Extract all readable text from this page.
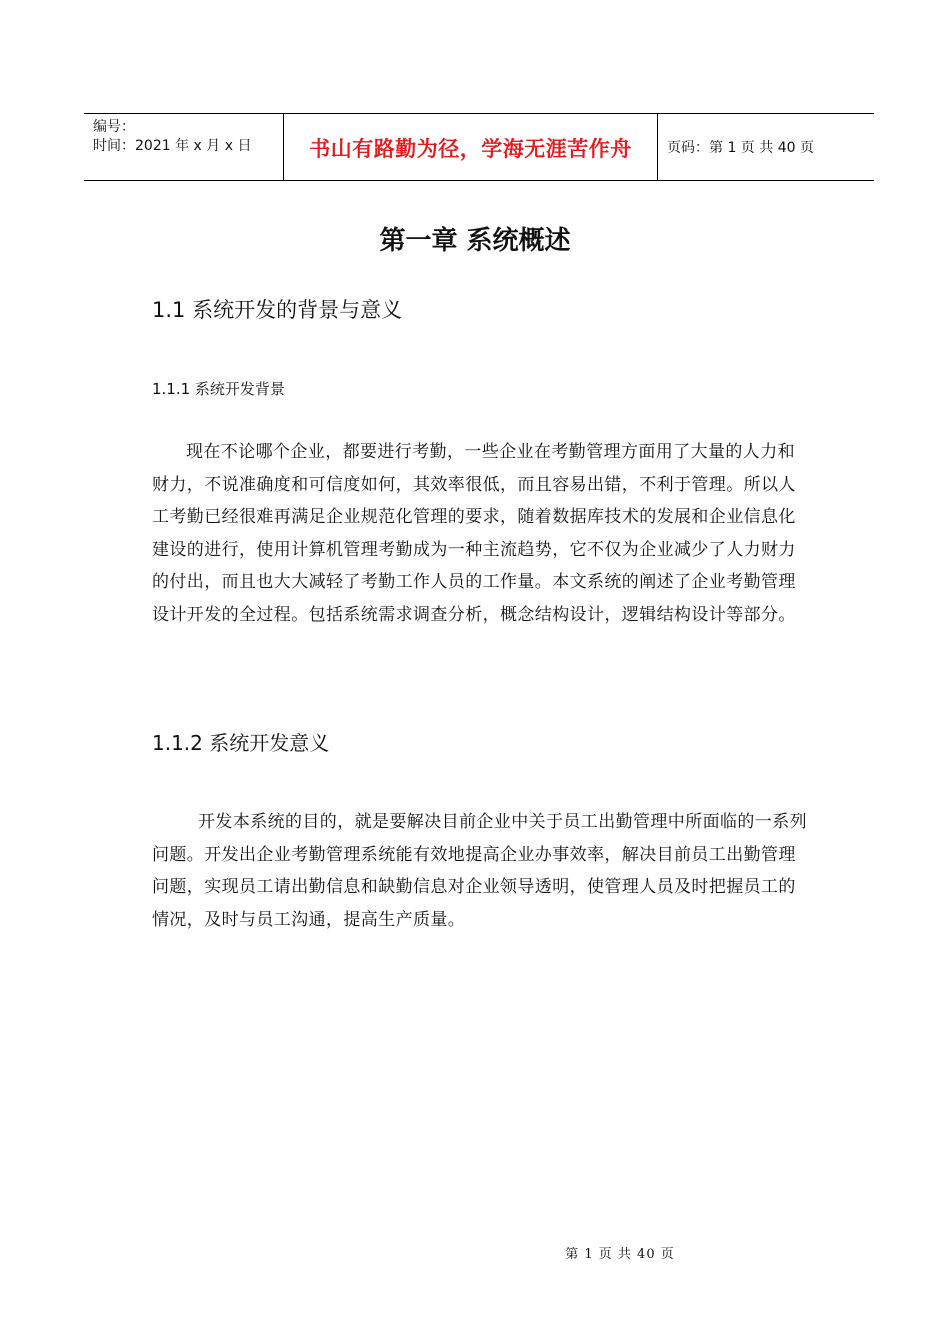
编号：
时间：2021 年 x 月 x 日	书山有路勤为径，学海无涯苦作舟	页码：第 1 页 共 40 页
第一章 系统概述
1.1 系统开发的背景与意义
1.1.1 系统开发背景

现在不论哪个企业，都要进行考勤，一些企业在考勤管理方面用了大量的人力和财力，不说准确度和可信度如何，其效率很低，而且容易出错，不利于管理。所以人工考勤已经很难再满足企业规范化管理的要求，随着数据库技术的发展和企业信息化建设的进行，使用计算机管理考勤成为一种主流趋势，它不仅为企业减少了人力财力的付出，而且也大大减轻了考勤工作人员的工作量。本文系统的阐述了企业考勤管理设计开发的全过程。包括系统需求调查分析，概念结构设计，逻辑结构设计等部分。

1.1.2 系统开发意义

开发本系统的目的，就是要解决目前企业中关于员工出勤管理中所面临的一系列问题。开发出企业考勤管理系统能有效地提高企业办事效率，解决目前员工出勤管理问题，实现员工请出勤信息和缺勤信息对企业领导透明，使管理人员及时把握员工的情况，及时与员工沟通，提高生产质量。

第 1 页 共 40 页
